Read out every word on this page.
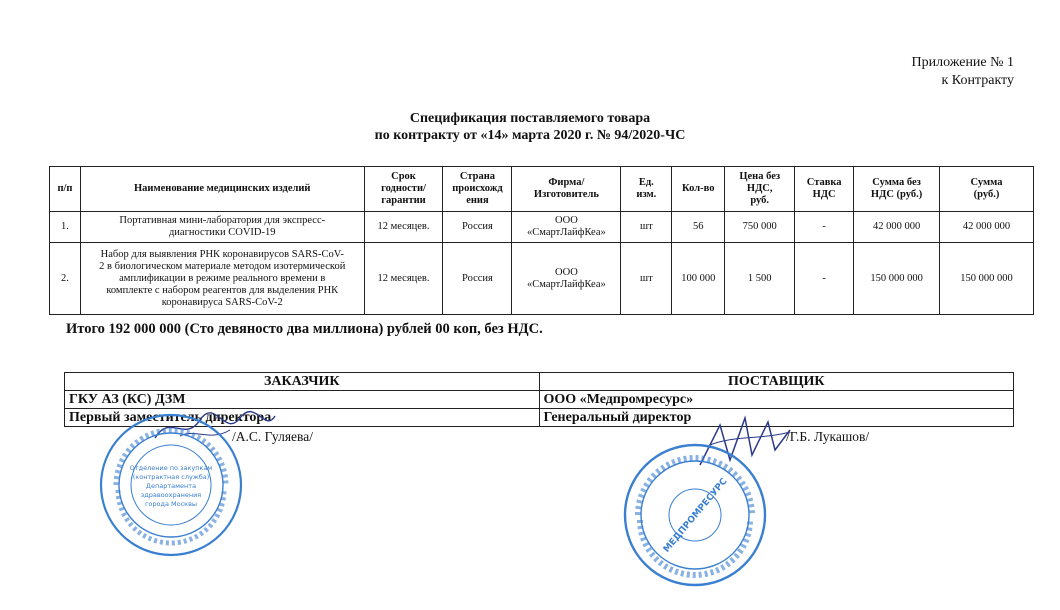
Приложение № 1
к Контракту
Спецификация поставляемого товара
по контракту от «14» марта 2020 г. № 94/2020-ЧС
п/п	Наименование медицинских изделий	Срок
годности/
гарантии	Страна
происхожд
ения	Фирма/
Изготовитель	Ед.
изм.	Кол-во	Цена без
НДС,
руб.	Ставка
НДС	Сумма без
НДС (руб.)	Сумма
(руб.)
1.	Портативная мини-лаборатория для экспресс-
диагностики COVID-19	12 месяцев.	Россия	ООО
«СмартЛайфКеа»	шт	56	750 000	-	42 000 000	42 000 000
2.	Набор для выявления РНК коронавирусов SARS-CoV-
2 в биологическом материале методом изотермической
амплификации в режиме реального времени в
комплекте с набором реагентов для выделения РНК
коронавируса SARS-CoV-2	12 месяцев.	Россия	ООО
«СмартЛайфКеа»	шт	100 000	1 500	-	150 000 000	150 000 000
Итого 192 000 000 (Сто девяносто два миллиона) рублей 00 коп, без НДС.
ЗАКАЗЧИК	ПОСТАВЩИК
ГКУ АЗ (КС) ДЗМ	ООО «Медпромресурс»
Первый заместитель директора	Генеральный директор
/А.С. Гуляева/	/Г.Б. Лукашов/
Отделение по закупкам
(контрактная служба)
Департамента
здравоохранения
города Москвы	МЕДПРОМРЕСУРС
